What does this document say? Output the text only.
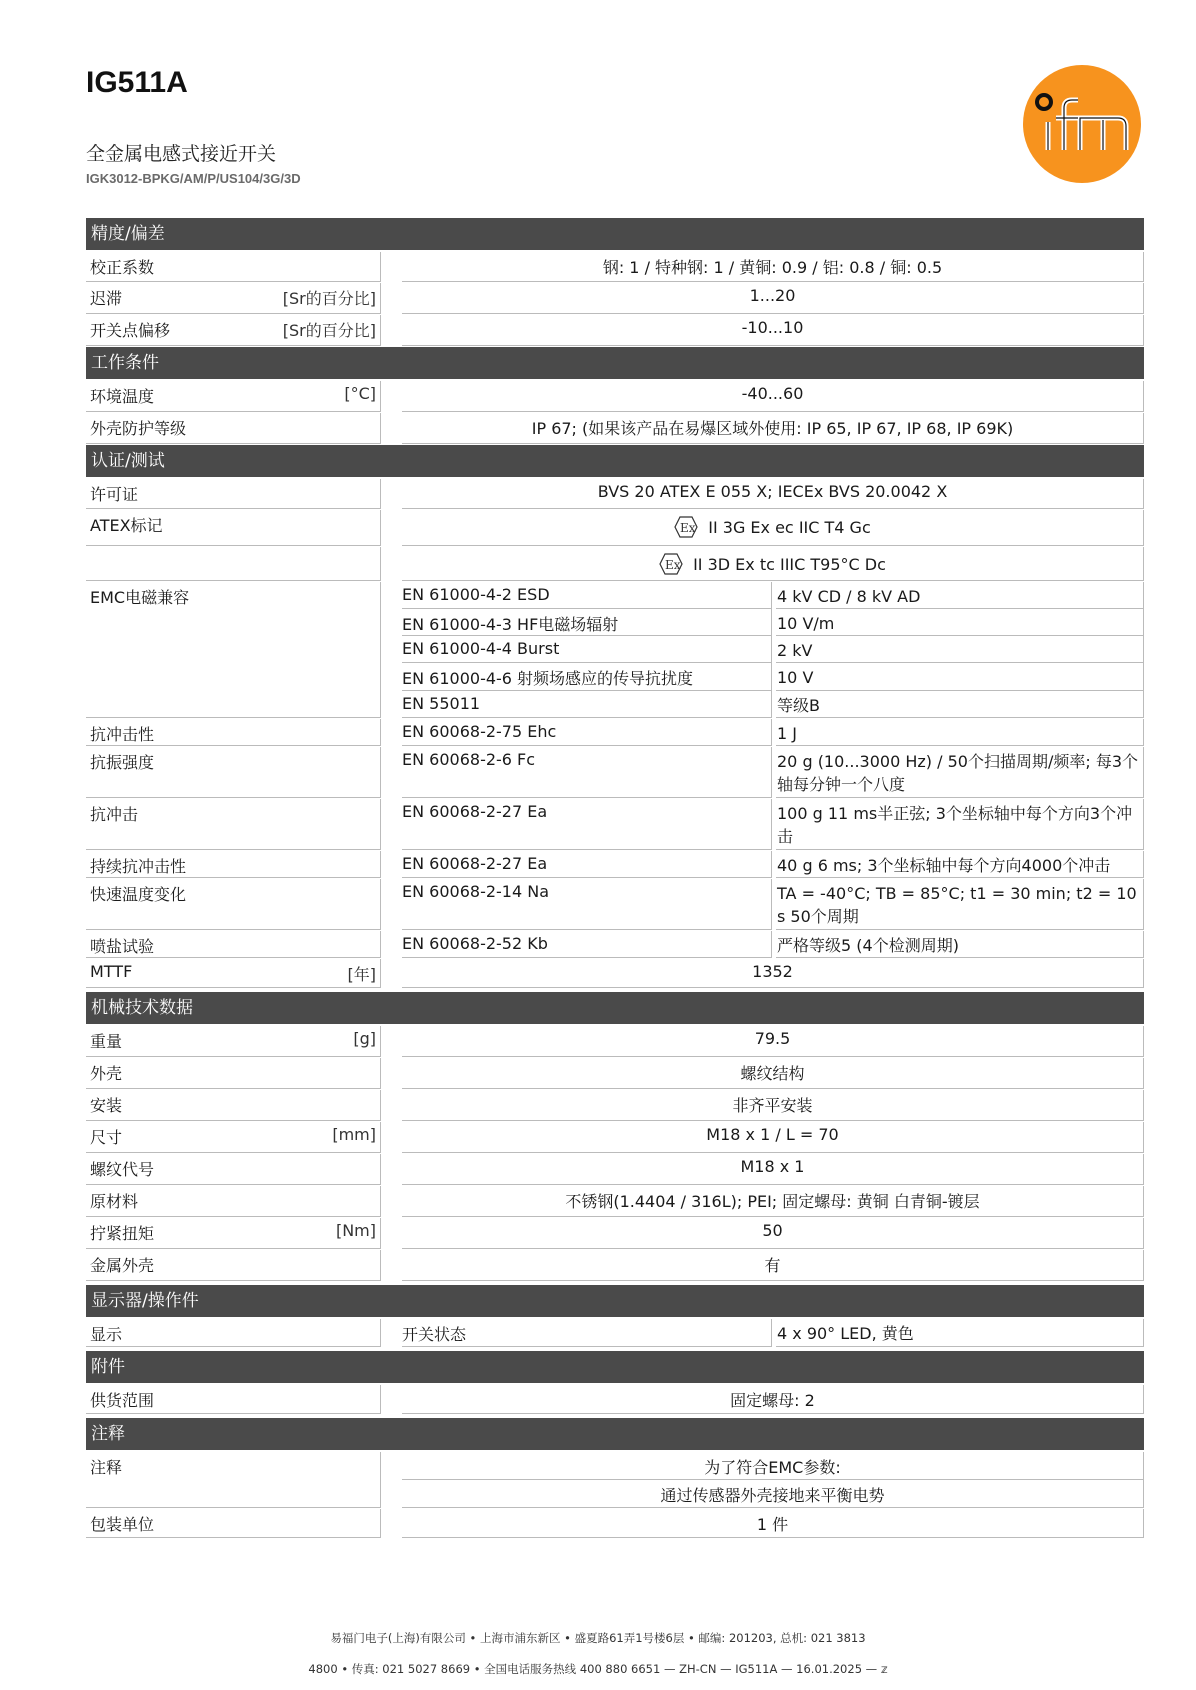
IG511A
全金属电感式接近开关
IGK3012-BPKG/AM/P/US104/3G/3D
精度/偏差
校正系数	钢: 1 / 特种钢: 1 / 黄铜: 0.9 / 铝: 0.8 / 铜: 0.5
迟滞	[Sr的百分比]	1...20
开关点偏移	[Sr的百分比]	-10...10
工作条件
环境温度	[°C]	-40...60
外壳防护等级	IP 67; (如果该产品在易爆区域外使用: IP 65, IP 67, IP 68, IP 69K)
认证/测试
许可证	BVS 20 ATEX E 055 X; IECEx BVS 20.0042 X
ATEX标记	Ex II 3G Ex ec IIC T4 Gc
Ex II 3D Ex tc IIIC T95°C Dc
EMC电磁兼容	EN 61000-4-2 ESD	4 kV CD / 8 kV AD
EN 61000-4-3 HF电磁场辐射	10 V/m
EN 61000-4-4 Burst	2 kV
EN 61000-4-6 射频场感应的传导抗扰度	10 V
EN 55011	等级B
抗冲击性	EN 60068-2-75 Ehc	1 J
抗振强度	EN 60068-2-6 Fc	20 g (10...3000 Hz) / 50个扫描周期/频率; 每3个轴每分钟一个八度
抗冲击	EN 60068-2-27 Ea	100 g 11 ms半正弦; 3个坐标轴中每个方向3个冲击
持续抗冲击性	EN 60068-2-27 Ea	40 g 6 ms; 3个坐标轴中每个方向4000个冲击
快速温度变化	EN 60068-2-14 Na	TA = -40°C; TB = 85°C; t1 = 30 min; t2 = 10 s 50个周期
喷盐试验	EN 60068-2-52 Kb	严格等级5 (4个检测周期)
MTTF	[年]	1352
机械技术数据
重量	[g]	79.5
外壳	螺纹结构
安装	非齐平安装
尺寸	[mm]	M18 x 1 / L = 70
螺纹代号	M18 x 1
原材料	不锈钢(1.4404 / 316L); PEI; 固定螺母: 黄铜 白青铜-镀层
拧紧扭矩	[Nm]	50
金属外壳	有
显示器/操作件
显示	开关状态	4 x 90° LED, 黄色
附件
供货范围	固定螺母: 2
注释
注释	为了符合EMC参数:
通过传感器外壳接地来平衡电势
包装单位	1 件
易福门电子(上海)有限公司 • 上海市浦东新区 • 盛夏路61弄1号楼6层 • 邮编: 201203, 总机: 021 3813
4800 • 传真: 021 5027 8669 • 全国电话服务热线 400 880 6651 — ZH-CN — IG511A — 16.01.2025 — 𝕫
